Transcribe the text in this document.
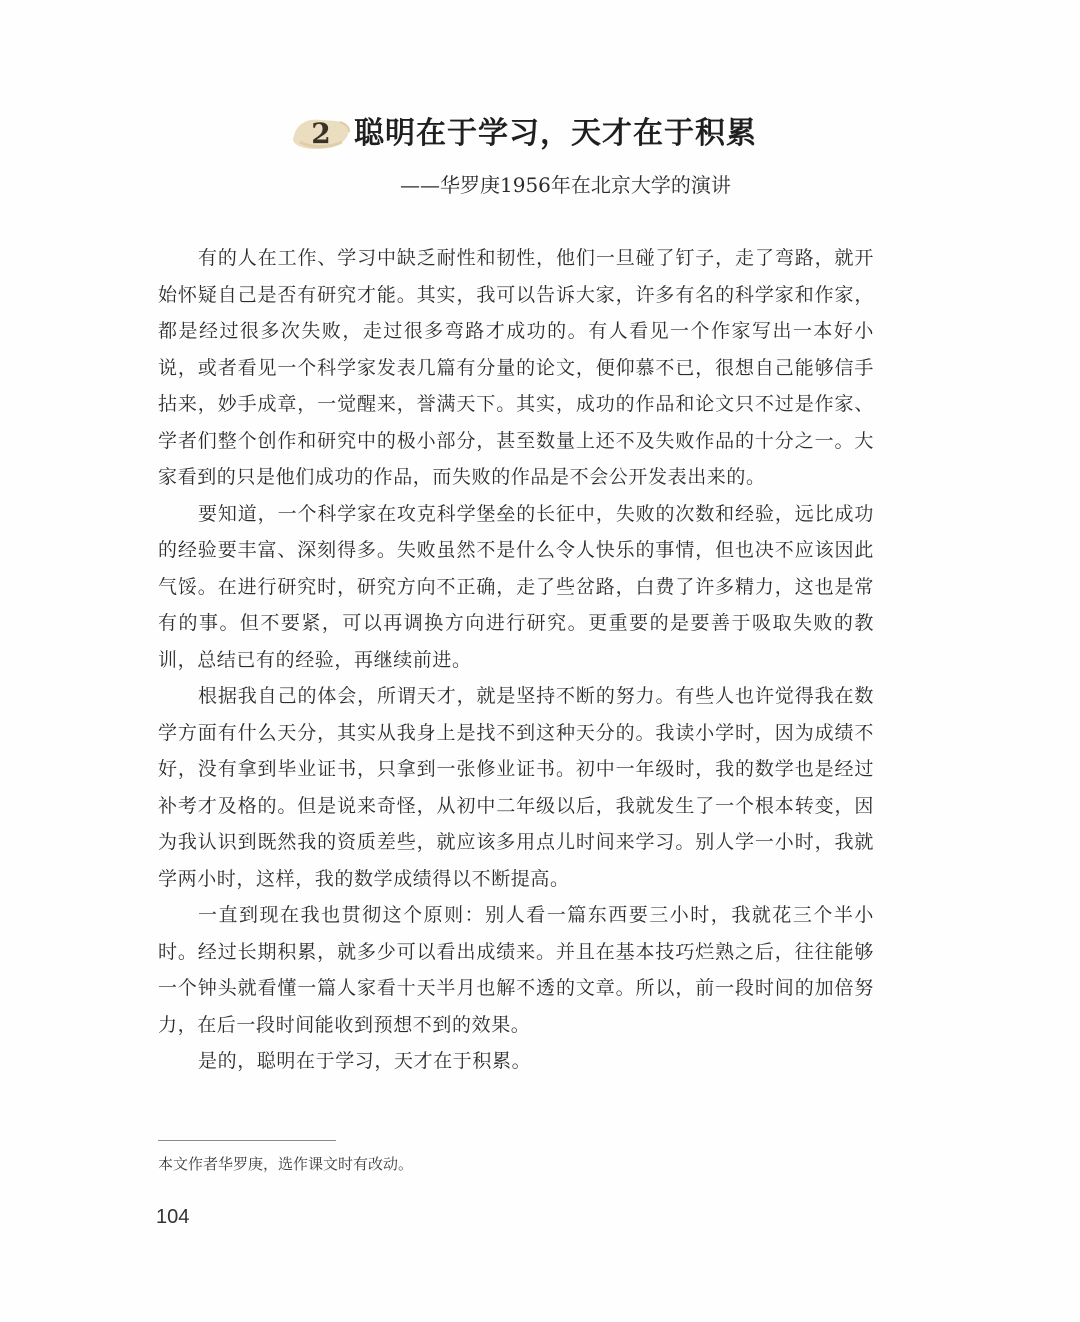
2 聪明在于学习，天才在于积累
——华罗庚1956年在北京大学的演讲

有的人在工作、学习中缺乏耐性和韧性，他们一旦碰了钉子，走了弯路，就开始怀疑自己是否有研究才能。其实，我可以告诉大家，许多有名的科学家和作家，都是经过很多次失败，走过很多弯路才成功的。有人看见一个作家写出一本好小说，或者看见一个科学家发表几篇有分量的论文，便仰慕不已，很想自己能够信手拈来，妙手成章，一觉醒来，誉满天下。其实，成功的作品和论文只不过是作家、学者们整个创作和研究中的极小部分，甚至数量上还不及失败作品的十分之一。大家看到的只是他们成功的作品，而失败的作品是不会公开发表出来的。

要知道，一个科学家在攻克科学堡垒的长征中，失败的次数和经验，远比成功的经验要丰富、深刻得多。失败虽然不是什么令人快乐的事情，但也决不应该因此气馁。在进行研究时，研究方向不正确，走了些岔路，白费了许多精力，这也是常有的事。但不要紧，可以再调换方向进行研究。更重要的是要善于吸取失败的教训，总结已有的经验，再继续前进。

根据我自己的体会，所谓天才，就是坚持不断的努力。有些人也许觉得我在数学方面有什么天分，其实从我身上是找不到这种天分的。我读小学时，因为成绩不好，没有拿到毕业证书，只拿到一张修业证书。初中一年级时，我的数学也是经过补考才及格的。但是说来奇怪，从初中二年级以后，我就发生了一个根本转变，因为我认识到既然我的资质差些，就应该多用点儿时间来学习。别人学一小时，我就学两小时，这样，我的数学成绩得以不断提高。

一直到现在我也贯彻这个原则：别人看一篇东西要三小时，我就花三个半小时。经过长期积累，就多少可以看出成绩来。并且在基本技巧烂熟之后，往往能够一个钟头就看懂一篇人家看十天半月也解不透的文章。所以，前一段时间的加倍努力，在后一段时间能收到预想不到的效果。

是的，聪明在于学习，天才在于积累。

本文作者华罗庚，选作课文时有改动。
104
